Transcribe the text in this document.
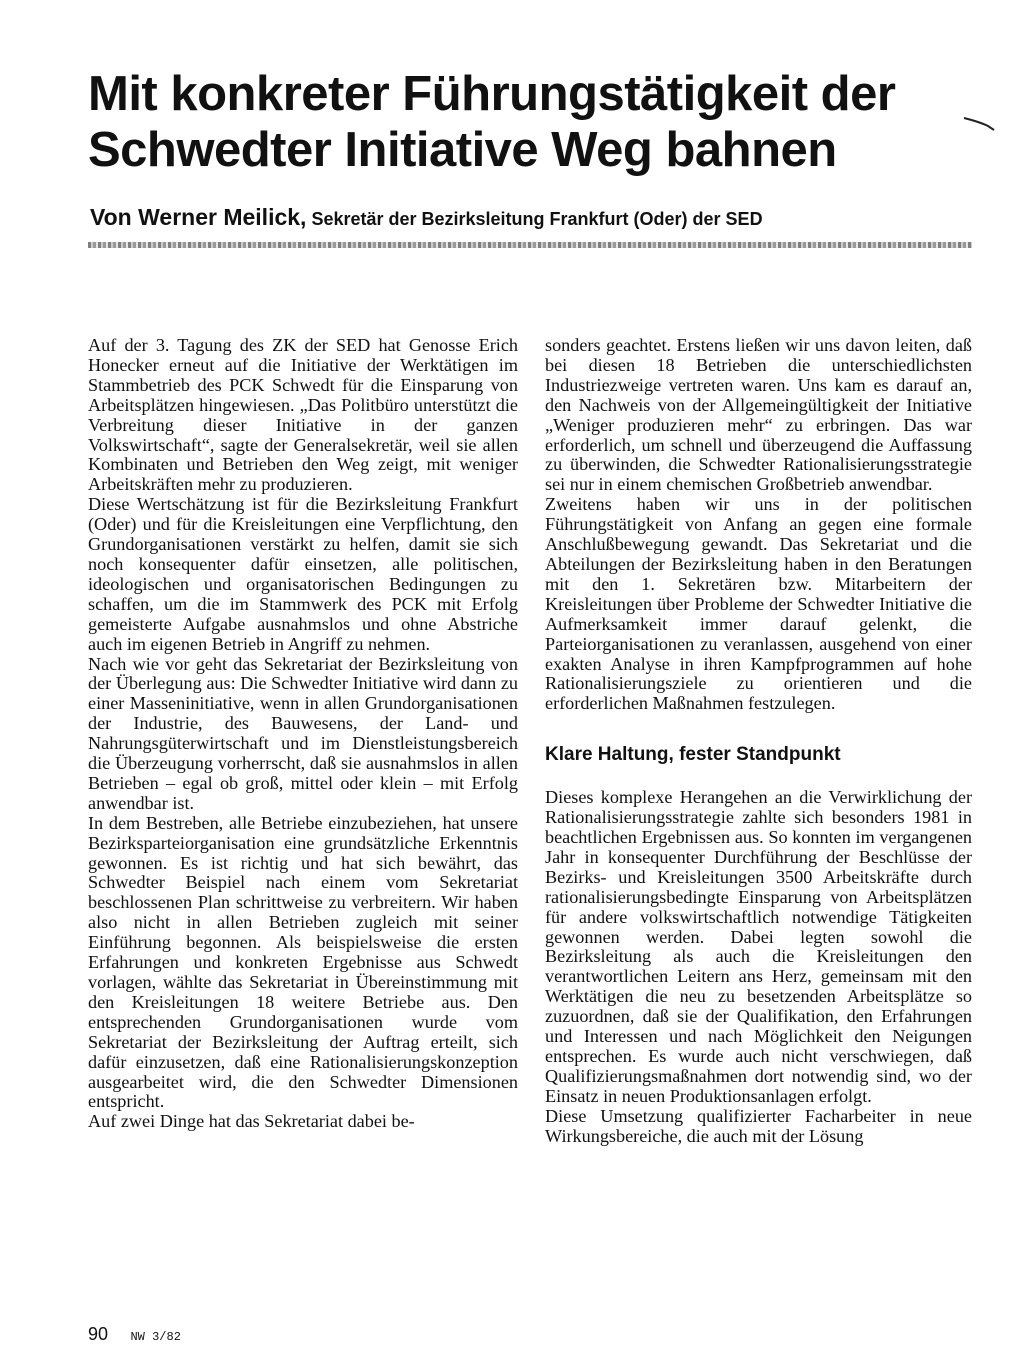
Mit konkreter Führungstätigkeit der
Schwedter Initiative Weg bahnen
Von Werner Meilick, Sekretär der Bezirksleitung Frankfurt (Oder) der SED

Auf der 3. Tagung des ZK der SED hat Genosse Erich Honecker erneut auf die Initiative der Werktätigen im Stammbetrieb des PCK Schwedt für die Einsparung von Arbeitsplätzen hingewiesen. „Das Politbüro unterstützt die Verbreitung dieser Initiative in der ganzen Volkswirtschaft“, sagte der Generalsekretär, weil sie allen Kombinaten und Betrieben den Weg zeigt, mit weniger Arbeitskräften mehr zu produzieren.

Diese Wertschätzung ist für die Bezirksleitung Frankfurt (Oder) und für die Kreisleitungen eine Verpflichtung, den Grundorganisationen verstärkt zu helfen, damit sie sich noch konsequenter dafür einsetzen, alle politischen, ideologischen und organisatorischen Bedingungen zu schaffen, um die im Stammwerk des PCK mit Erfolg gemeisterte Aufgabe ausnahmslos und ohne Abstriche auch im eigenen Betrieb in Angriff zu nehmen.

Nach wie vor geht das Sekretariat der Bezirksleitung von der Überlegung aus: Die Schwedter Initiative wird dann zu einer Masseninitiative, wenn in allen Grundorganisationen der Industrie, des Bauwesens, der Land- und Nahrungsgüterwirtschaft und im Dienstleistungsbereich die Überzeugung vorherrscht, daß sie ausnahmslos in allen Betrieben – egal ob groß, mittel oder klein – mit Erfolg anwendbar ist.

In dem Bestreben, alle Betriebe einzubeziehen, hat unsere Bezirksparteiorganisation eine grundsätzliche Erkenntnis gewonnen. Es ist richtig und hat sich bewährt, das Schwedter Beispiel nach einem vom Sekretariat beschlossenen Plan schrittweise zu verbreitern. Wir haben also nicht in allen Betrieben zugleich mit seiner Einführung begonnen. Als beispielsweise die ersten Erfahrungen und konkreten Ergebnisse aus Schwedt vorlagen, wählte das Sekretariat in Übereinstimmung mit den Kreisleitungen 18 weitere Betriebe aus. Den entsprechenden Grundorganisationen wurde vom Sekretariat der Bezirksleitung der Auftrag erteilt, sich dafür einzusetzen, daß eine Rationalisierungskonzeption ausgearbeitet wird, die den Schwedter Dimensionen entspricht.

Auf zwei Dinge hat das Sekretariat dabei be-

sonders geachtet. Erstens ließen wir uns davon leiten, daß bei diesen 18 Betrieben die unterschiedlichsten Industriezweige vertreten waren. Uns kam es darauf an, den Nachweis von der Allgemeingültigkeit der Initiative „Weniger produzieren mehr“ zu erbringen. Das war erforderlich, um schnell und überzeugend die Auffassung zu überwinden, die Schwedter Rationalisierungsstrategie sei nur in einem chemischen Großbetrieb anwendbar.

Zweitens haben wir uns in der politischen Führungstätigkeit von Anfang an gegen eine formale Anschlußbewegung gewandt. Das Sekretariat und die Abteilungen der Bezirksleitung haben in den Beratungen mit den 1. Sekretären bzw. Mitarbeitern der Kreisleitungen über Probleme der Schwedter Initiative die Aufmerksamkeit immer darauf gelenkt, die Parteiorganisationen zu veranlassen, ausgehend von einer exakten Analyse in ihren Kampfprogrammen auf hohe Rationalisierungsziele zu orientieren und die erforderlichen Maßnahmen festzulegen.

Klare Haltung, fester Standpunkt

Dieses komplexe Herangehen an die Verwirklichung der Rationalisierungsstrategie zahlte sich besonders 1981 in beachtlichen Ergebnissen aus. So konnten im vergangenen Jahr in konsequenter Durchführung der Beschlüsse der Bezirks- und Kreisleitungen 3500 Arbeitskräfte durch rationalisierungsbedingte Einsparung von Arbeitsplätzen für andere volkswirtschaftlich notwendige Tätigkeiten gewonnen werden. Dabei legten sowohl die Bezirksleitung als auch die Kreisleitungen den verantwortlichen Leitern ans Herz, gemeinsam mit den Werktätigen die neu zu besetzenden Arbeitsplätze so zuzuordnen, daß sie der Qualifikation, den Erfahrungen und Interessen und nach Möglichkeit den Neigungen entsprechen. Es wurde auch nicht verschwiegen, daß Qualifizierungsmaßnahmen dort notwendig sind, wo der Einsatz in neuen Produktionsanlagen erfolgt.

Diese Umsetzung qualifizierter Facharbeiter in neue Wirkungsbereiche, die auch mit der Lösung

90 NW 3/82
